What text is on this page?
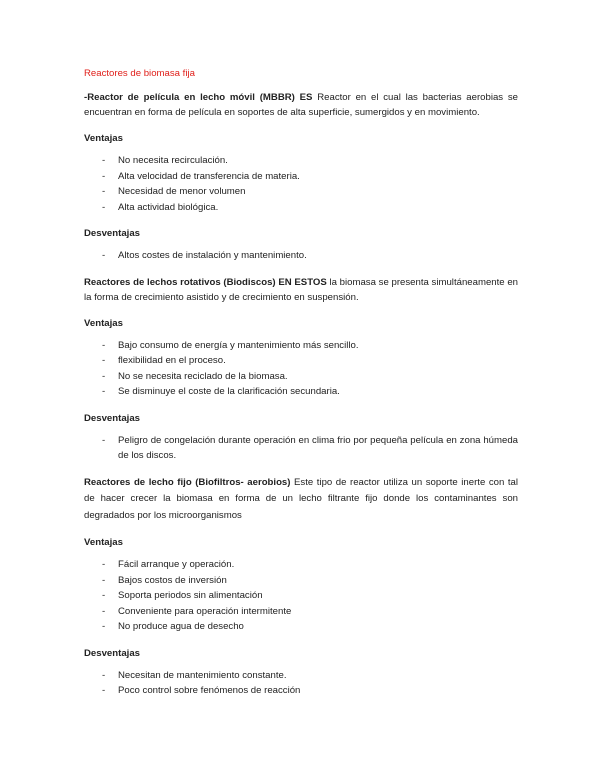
Reactores de biomasa fija

-Reactor de película en lecho móvil (MBBR) ES Reactor en el cual las bacterias aerobias se encuentran en forma de película en soportes de alta superficie, sumergidos y en movimiento.

Ventajas
- No necesita recirculación.
- Alta velocidad de transferencia de materia.
- Necesidad de menor volumen
- Alta actividad biológica.
Desventajas
- Altos costes de instalación y mantenimiento.

Reactores de lechos rotativos (Biodiscos) EN ESTOS la biomasa se presenta simultáneamente en la forma de crecimiento asistido y de crecimiento en suspensión.

Ventajas
- Bajo consumo de energía y mantenimiento más sencillo.
- flexibilidad en el proceso.
- No se necesita reciclado de la biomasa.
- Se disminuye el coste de la clarificación secundaria.
Desventajas
- Peligro de congelación durante operación en clima frio por pequeña película en zona húmeda de los discos.

Reactores de lecho fijo (Biofiltros- aerobios) Este tipo de reactor utiliza un soporte inerte con tal de hacer crecer la biomasa en forma de un lecho filtrante fijo donde los contaminantes son degradados por los microorganismos

Ventajas
- Fácil arranque y operación.
- Bajos costos de inversión
- Soporta periodos sin alimentación
- Conveniente para operación intermitente
- No produce agua de desecho
Desventajas
- Necesitan de mantenimiento constante.
- Poco control sobre fenómenos de reacción
